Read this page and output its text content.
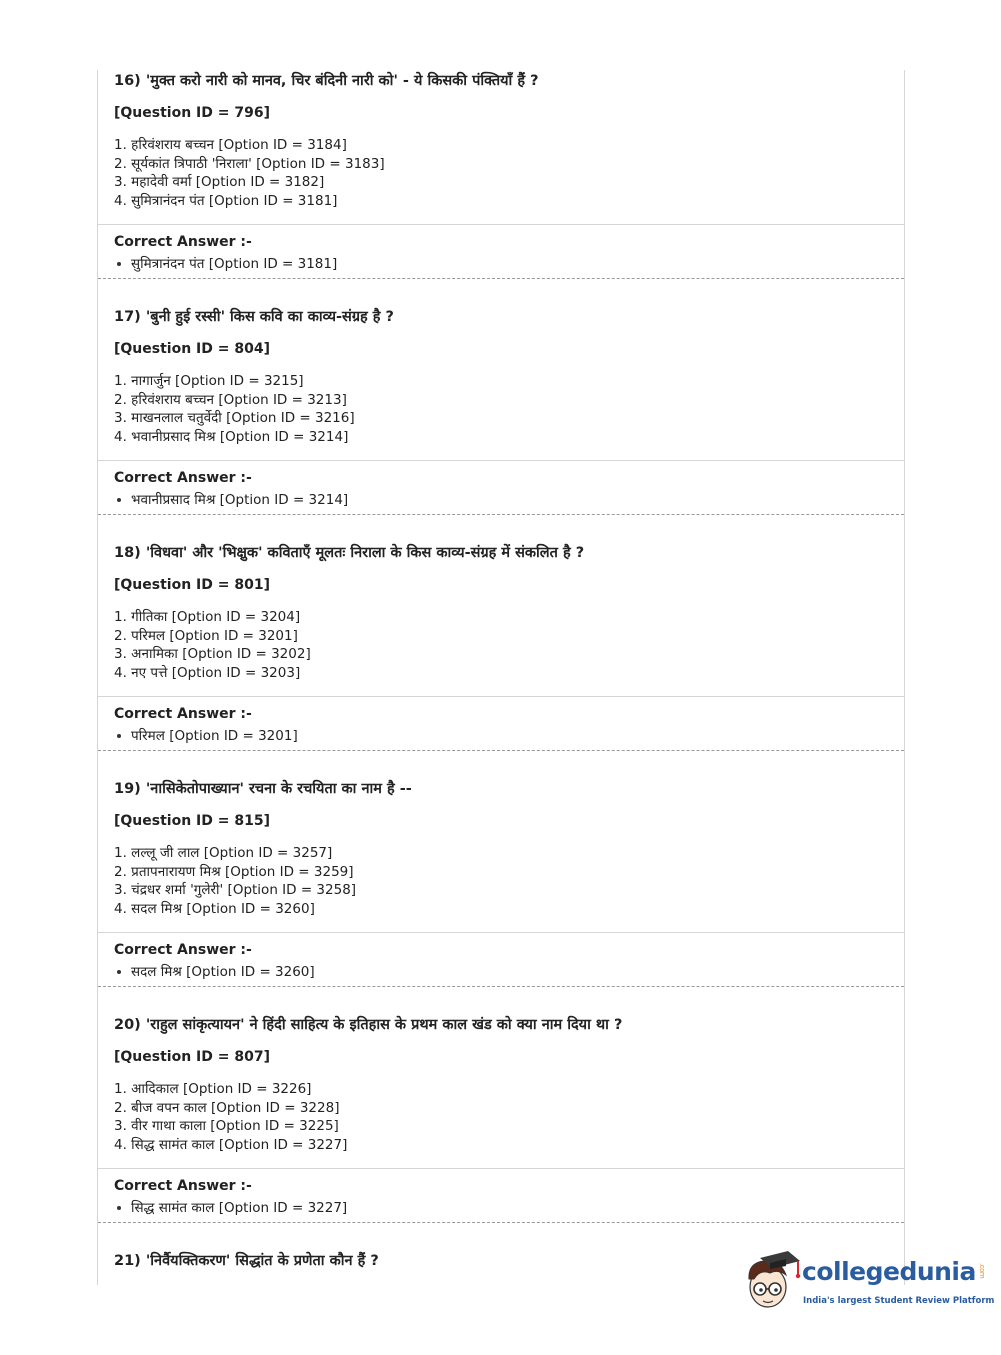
16) 'मुक्त करो नारी को मानव, चिर बंदिनी नारी को' - ये किसकी पंक्तियाँ हैं ?

[Question ID = 796]

1. हरिवंशराय बच्चन [Option ID = 3184]
2. सूर्यकांत त्रिपाठी 'निराला' [Option ID = 3183]
3. महादेवी वर्मा [Option ID = 3182]
4. सुमित्रानंदन पंत [Option ID = 3181]

Correct Answer :-

सुमित्रानंदन पंत [Option ID = 3181]

17) 'बुनी हुई रस्सी' किस कवि का काव्य-संग्रह है ?

[Question ID = 804]

1. नागार्जुन [Option ID = 3215]
2. हरिवंशराय बच्चन [Option ID = 3213]
3. माखनलाल चतुर्वेदी [Option ID = 3216]
4. भवानीप्रसाद मिश्र [Option ID = 3214]

Correct Answer :-

भवानीप्रसाद मिश्र [Option ID = 3214]

18) 'विधवा' और 'भिक्षुक' कविताएँ मूलतः निराला के किस काव्य-संग्रह में संकलित है ?

[Question ID = 801]

1. गीतिका [Option ID = 3204]
2. परिमल [Option ID = 3201]
3. अनामिका [Option ID = 3202]
4. नए पत्ते [Option ID = 3203]

Correct Answer :-

परिमल [Option ID = 3201]

19) 'नासिकेतोपाख्यान' रचना के रचयिता का नाम है --

[Question ID = 815]

1. लल्लू जी लाल [Option ID = 3257]
2. प्रतापनारायण मिश्र [Option ID = 3259]
3. चंद्रधर शर्मा 'गुलेरी' [Option ID = 3258]
4. सदल मिश्र [Option ID = 3260]

Correct Answer :-

सदल मिश्र [Option ID = 3260]

20) 'राहुल सांकृत्यायन' ने हिंदी साहित्य के इतिहास के प्रथम काल खंड को क्या नाम दिया था ?

[Question ID = 807]

1. आदिकाल [Option ID = 3226]
2. बीज वपन काल [Option ID = 3228]
3. वीर गाथा काला [Option ID = 3225]
4. सिद्ध सामंत काल [Option ID = 3227]

Correct Answer :-

सिद्ध सामंत काल [Option ID = 3227]

21) 'निर्वैयक्तिकरण' सिद्धांत के प्रणेता कौन हैं ?	collegedunia .com
India's largest Student Review Platform
